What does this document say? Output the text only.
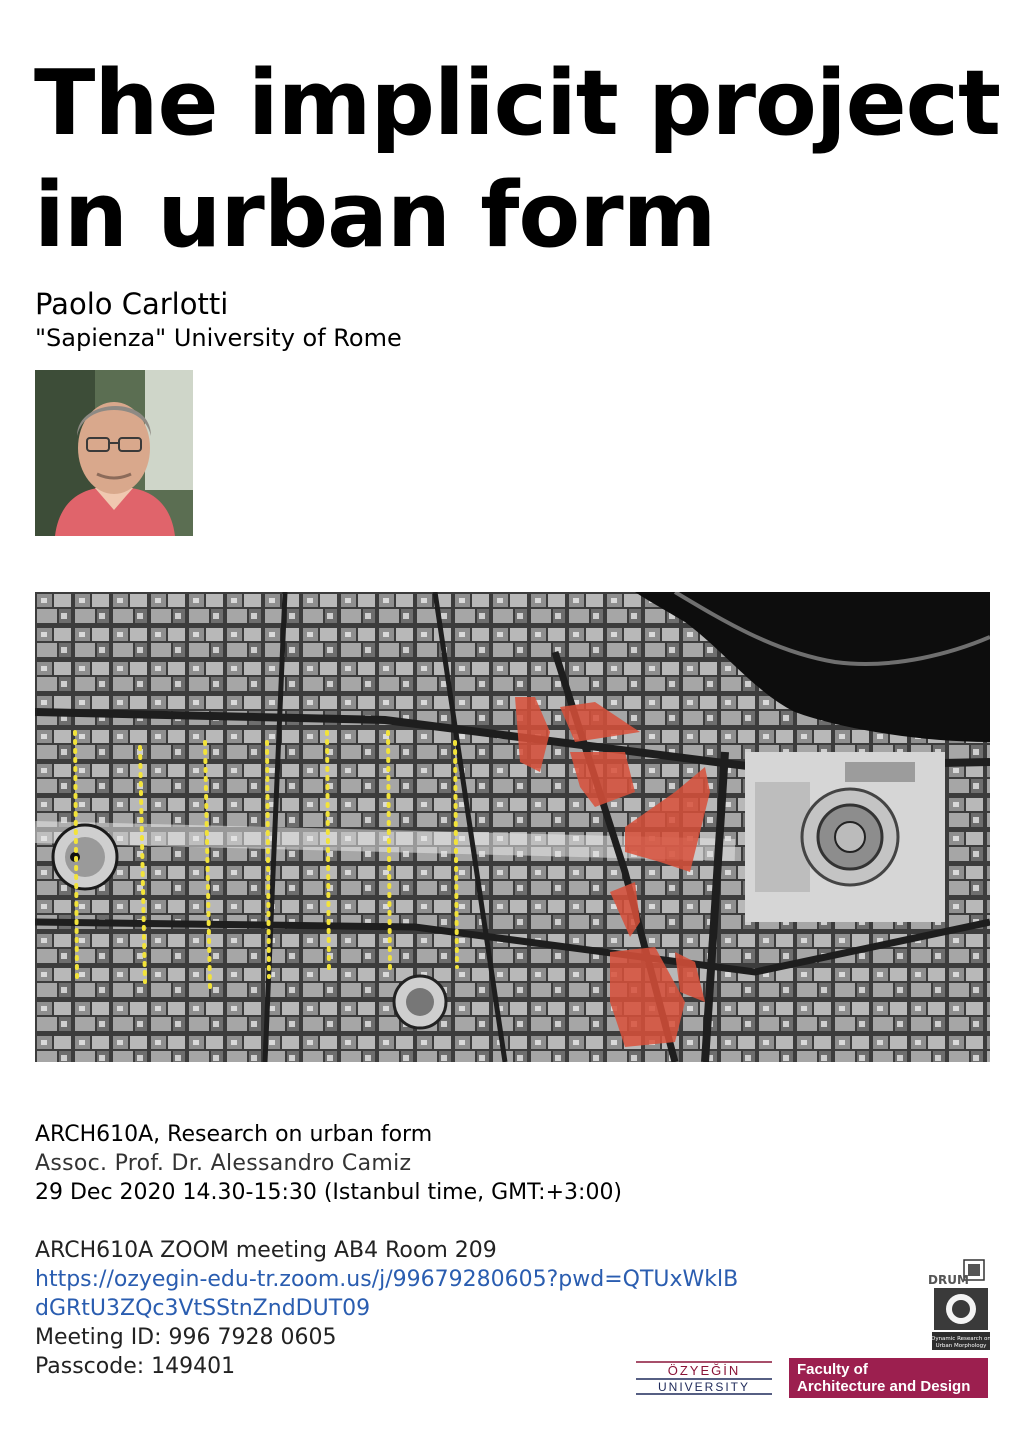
The implicit project
in urban form
Paolo Carlotti
"Sapienza" University of Rome
ARCH610A, Research on urban form
Assoc. Prof. Dr. Alessandro Camiz
29 Dec 2020 14.30-15:30 (Istanbul time, GMT:+3:00)
ARCH610A ZOOM meeting AB4 Room 209
https://ozyegin-edu-tr.zoom.us/j/99679280605?pwd=QTUxWklB
dGRtU3ZQc3VtSStnZndDUT09
Meeting ID: 996 7928 0605
Passcode: 149401
DRUM
Dynamic Research on
Urban Morphology
ÖZYEĞİN
UNIVERSITY
Faculty of
Architecture and Design
